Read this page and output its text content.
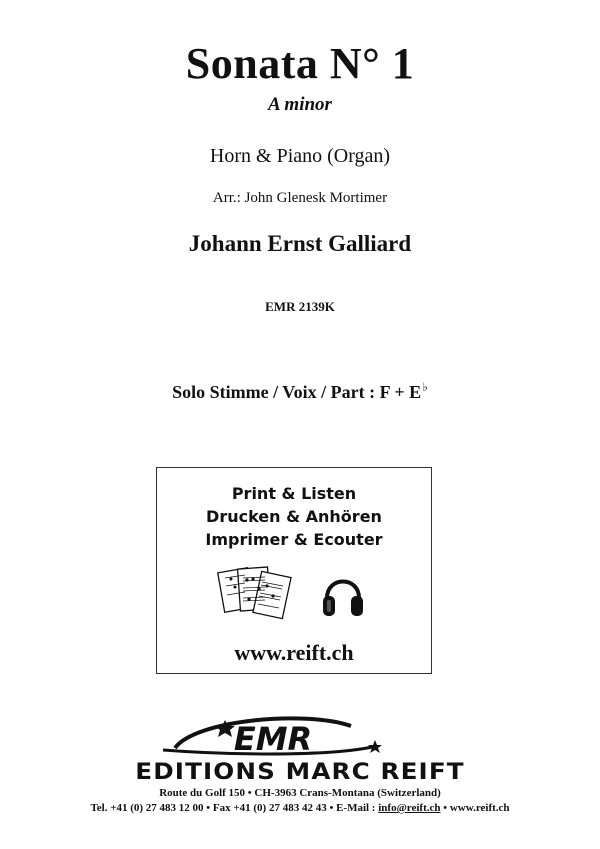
Sonata N° 1
A minor
Horn & Piano (Organ)
Arr.: John Glenesk Mortimer
Johann Ernst Galliard
EMR 2139K
Solo Stimme / Voix / Part : F + E♭
Print & Listen
Drucken & Anhören
Imprimer & Ecouter
www.reift.ch
EMR
EDITIONS MARC REIFT
Route du Golf 150 • CH-3963 Crans-Montana (Switzerland)
Tel. +41 (0) 27 483 12 00 • Fax +41 (0) 27 483 42 43 • E-Mail : info@reift.ch • www.reift.ch
